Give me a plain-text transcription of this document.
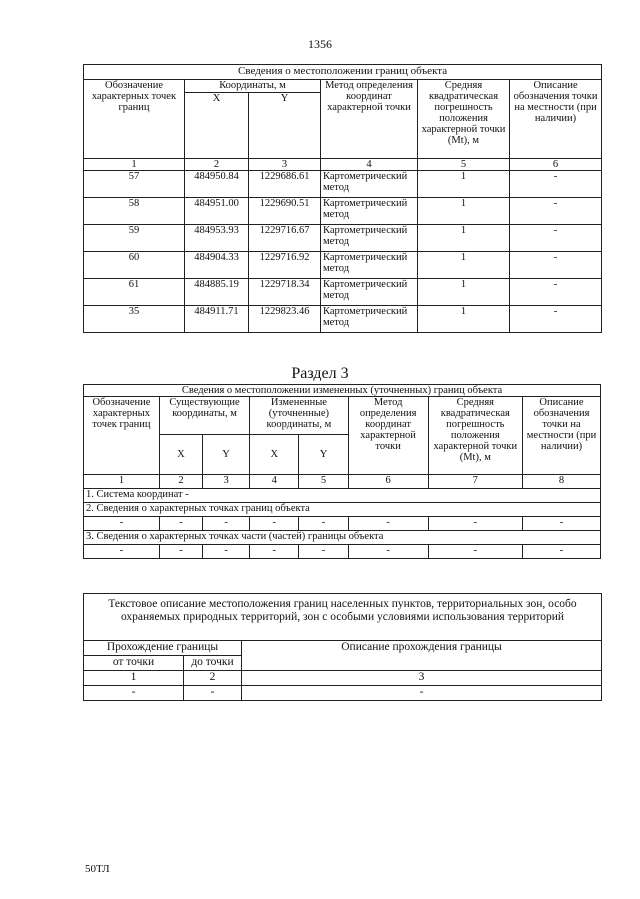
1356
Сведения о местоположении границ объекта					
Обозначение характерных точек границ	Координаты, м		Метод определения координат характерной точки	Средняя квадратическая погрешность положения характерной точки (Mt), м	Описание обозначения точки на местности (при наличии)
	X	Y			
1	2	3	4	5	6
57	484950.84	1229686.61	Картометрический метод	1	-
58	484951.00	1229690.51	Картометрический метод	1	-
59	484953.93	1229716.67	Картометрический метод	1	-
60	484904.33	1229716.92	Картометрический метод	1	-
61	484885.19	1229718.34	Картометрический метод	1	-
35	484911.71	1229823.46	Картометрический метод	1	-
Раздел 3
Сведения о местоположении измененных (уточненных) границ объекта							
Обозначение характерных точек границ	Существующие координаты, м		Измененные (уточненные) координаты, м		Метод определения координат характерной точки	Средняя квадратическая погрешность положения характерной точки (Mt), м	Описание обозначения точки на местности (при наличии)
	X	Y	X	Y			
1	2	3	4	5	6	7	8
1. Система координат -							
2. Сведения о характерных точках границ объекта							
-	-	-	-	-	-	-	-
3. Сведения о характерных точках части (частей) границы объекта							
-	-	-	-	-	-	-	-
Текстовое описание местоположения границ населенных пунктов, территориальных зон, особо охраняемых природных территорий, зон с особыми условиями использования территорий		
Прохождение границы		Описание прохождения границы
от точки	до точки	
1	2	3
-	-	-
50ТЛ
